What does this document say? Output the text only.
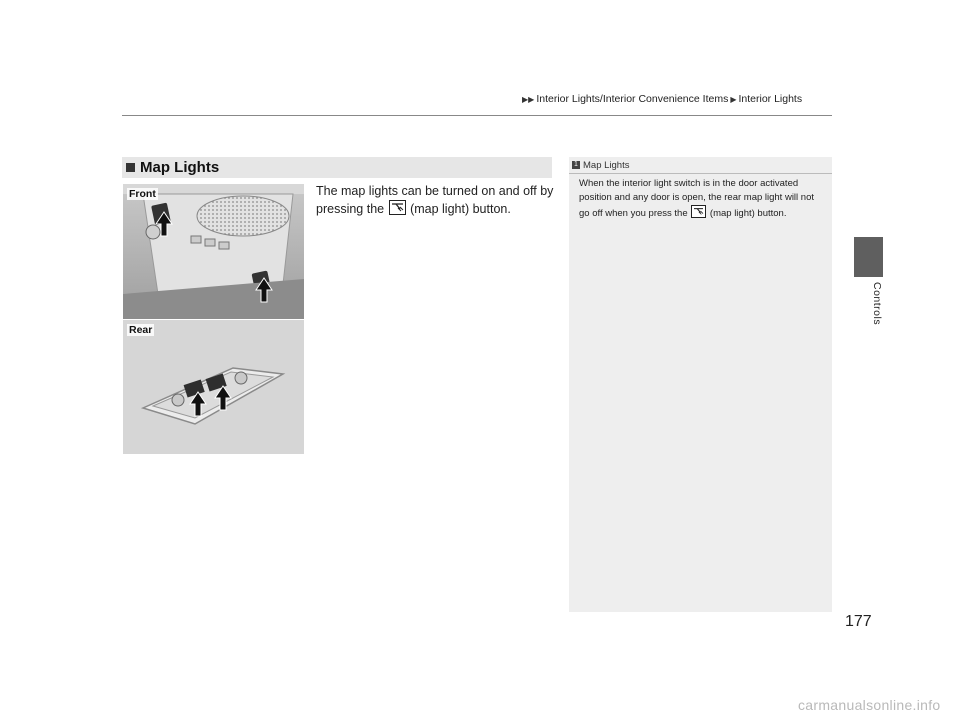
▶▶ Interior Lights/Interior Convenience Items ▶ Interior Lights
Controls
Map Lights
The map lights can be turned on and off by pressing the (map light) button.
Front
Rear
1 Map Lights
When the interior light switch is in the door activated position and any door is open, the rear map light will not go off when you press the (map light) button.
177
carmanualsonline.info
